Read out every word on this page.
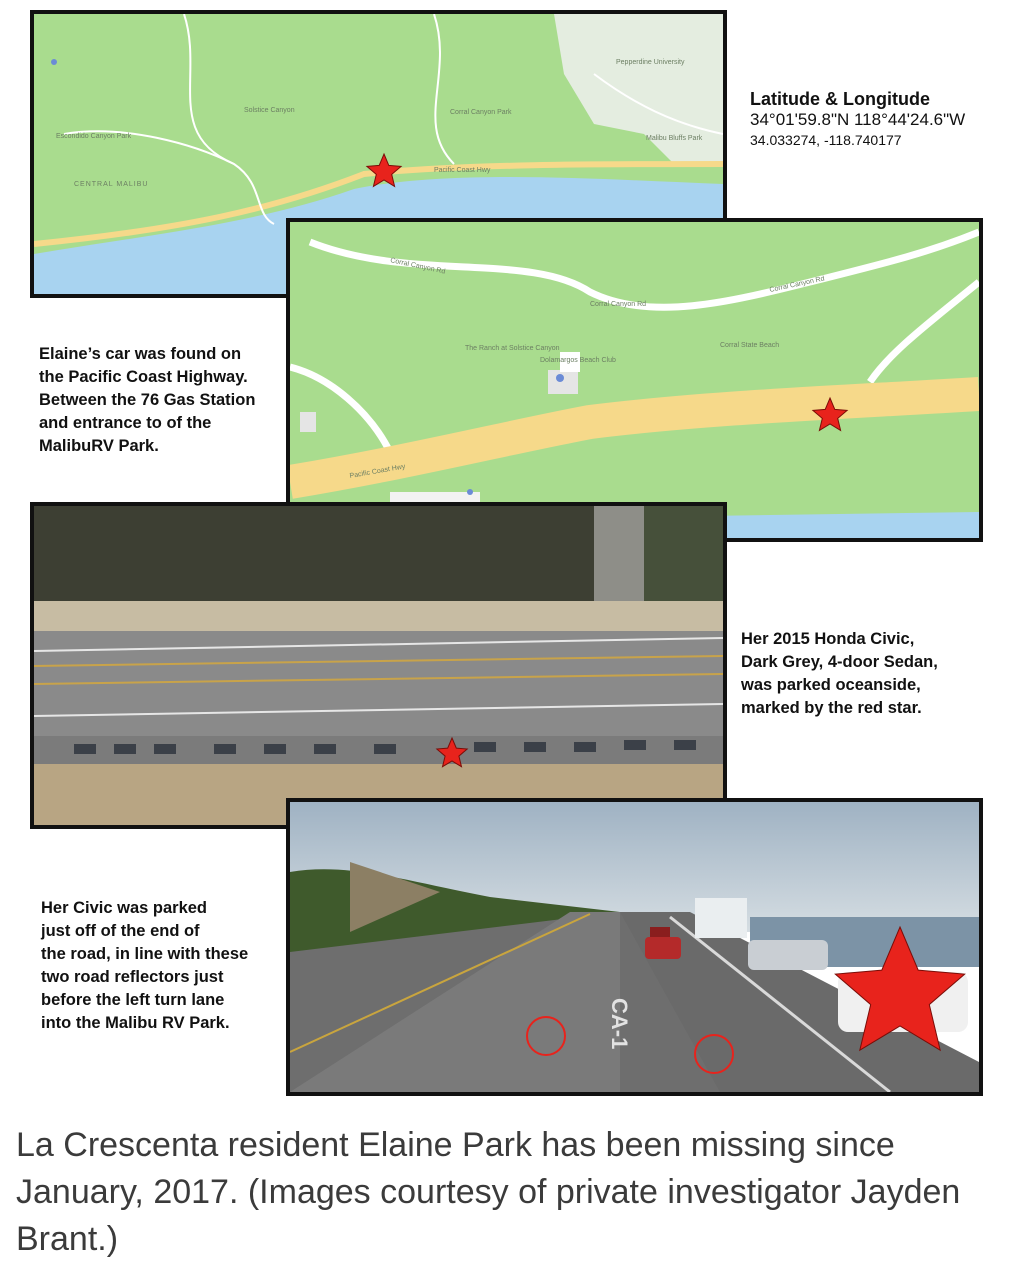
Pepperdine University
Escondido Canyon Park
Solstice Canyon	Corral Canyon Park
Malibu Bluffs Park
CENTRAL MALIBU
Pacific Coast Hwy
Latitude & Longitude
34°01'59.8"N 118°44'24.6"W
34.033274, -118.740177
Corral Canyon Rd
Corral Canyon Rd
Corral Canyon Rd
Corral State Beach
The Ranch at Solstice Canyon
Dolamargos Beach Club
Pacific Coast Hwy
Elaine’s car was found on
the Pacific Coast Highway.
Between the 76 Gas Station
and entrance to of the
MalibuRV Park.
Her 2015 Honda Civic,
Dark Grey, 4-door Sedan,
was parked oceanside,
marked by the red star.
CA-1
Her Civic was parked
just off of the end of
the road, in line with these
two road reflectors just
before the left turn lane
into the Malibu RV Park.
La Crescenta resident Elaine Park has been missing since January, 2017. (Images courtesy of private investigator Jayden Brant.)
